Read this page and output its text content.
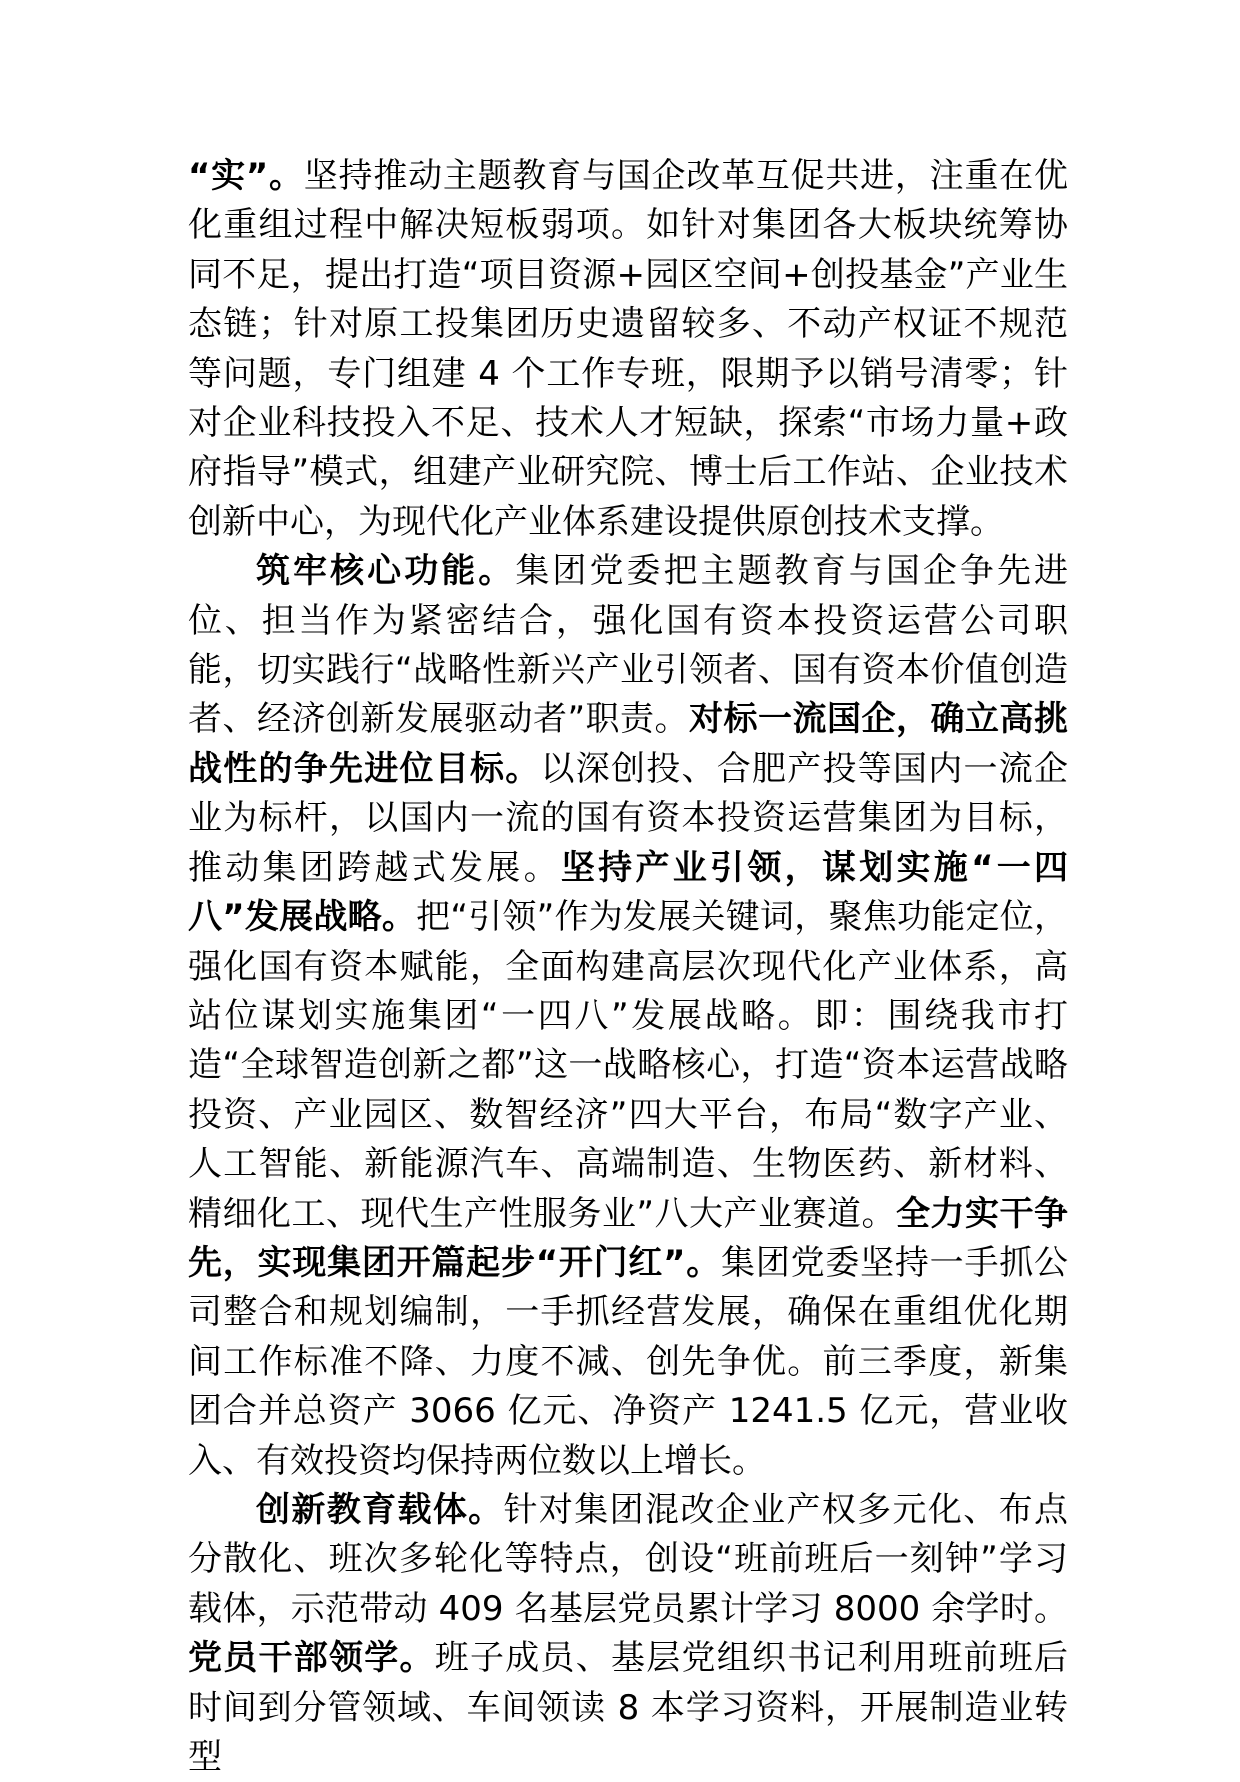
“实”。坚持推动主题教育与国企改革互促共进，注重在优化重组过程中解决短板弱项。如针对集团各大板块统筹协同不足，提出打造“项目资源+园区空间+创投基金”产业生态链；针对原工投集团历史遗留较多、不动产权证不规范等问题，专门组建 4 个工作专班，限期予以销号清零；针对企业科技投入不足、技术人才短缺，探索“市场力量+政府指导”模式，组建产业研究院、博士后工作站、企业技术创新中心，为现代化产业体系建设提供原创技术支撑。

筑牢核心功能。集团党委把主题教育与国企争先进位、担当作为紧密结合，强化国有资本投资运营公司职能，切实践行“战略性新兴产业引领者、国有资本价值创造者、经济创新发展驱动者”职责。对标一流国企，确立高挑战性的争先进位目标。以深创投、合肥产投等国内一流企业为标杆，以国内一流的国有资本投资运营集团为目标，推动集团跨越式发展。坚持产业引领，谋划实施“一四八”发展战略。把“引领”作为发展关键词，聚焦功能定位，强化国有资本赋能，全面构建高层次现代化产业体系，高站位谋划实施集团“一四八”发展战略。即：围绕我市打造“全球智造创新之都”这一战略核心，打造“资本运营战略投资、产业园区、数智经济”四大平台，布局“数字产业、人工智能、新能源汽车、高端制造、生物医药、新材料、精细化工、现代生产性服务业”八大产业赛道。全力实干争先，实现集团开篇起步“开门红”。集团党委坚持一手抓公司整合和规划编制，一手抓经营发展，确保在重组优化期间工作标准不降、力度不减、创先争优。前三季度，新集团合并总资产 3066 亿元、净资产 1241.5 亿元，营业收入、有效投资均保持两位数以上增长。

创新教育载体。针对集团混改企业产权多元化、布点分散化、班次多轮化等特点，创设“班前班后一刻钟”学习载体，示范带动 409 名基层党员累计学习 8000 余学时。党员干部领学。班子成员、基层党组织书记利用班前班后时间到分管领域、车间领读 8 本学习资料，开展制造业转型
